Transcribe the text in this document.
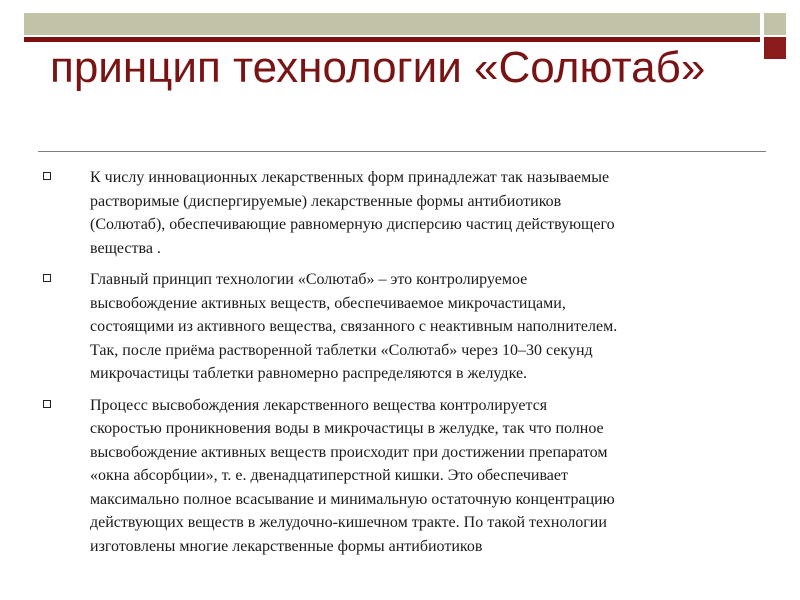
принцип технологии «Солютаб»
К числу инновационных лекарственных форм принадлежат так называемые
растворимые (диспергируемые) лекарственные формы антибиотиков
(Солютаб), обеспечивающие равномерную дисперсию частиц действующего
вещества .
Главный принцип технологии «Солютаб» – это контролируемое
высвобождение активных веществ, обеспечиваемое микрочастицами,
состоящими из активного вещества, связанного с неактивным наполнителем.
Так, после приёма растворенной таблетки «Солютаб» через 10–30 секунд
микрочастицы таблетки равномерно распределяются в желудке.
Процесс высвобождения лекарственного вещества контролируется
скоростью проникновения воды в микрочастицы в желудке, так что полное
высвобождение активных веществ происходит при достижении препаратом
«окна абсорбции», т. е. двенадцатиперстной кишки. Это обеспечивает
максимально полное всасывание и минимальную остаточную концентрацию
действующих веществ в желудочно-кишечном тракте. По такой технологии
изготовлены многие лекарственные формы антибиотиков
